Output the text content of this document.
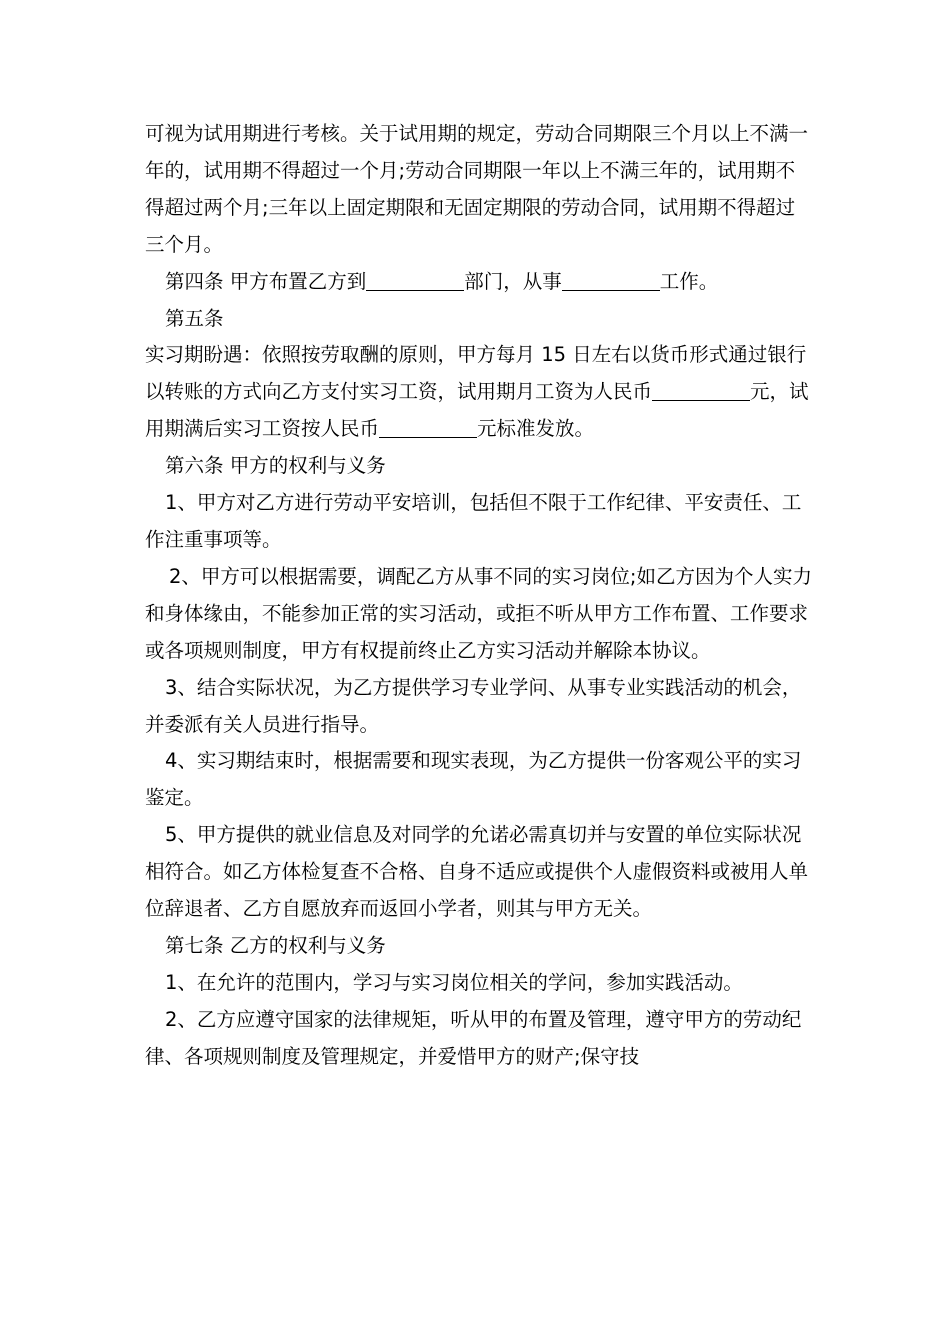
可视为试用期进行考核。关于试用期的规定，劳动合同期限三个月以上不满一年的，试用期不得超过一个月;劳动合同期限一年以上不满三年的，试用期不得超过两个月;三年以上固定期限和无固定期限的劳动合同，试用期不得超过三个月。

第四条 甲方布置乙方到	部门，从事	工作。

第五条

实习期盼遇：依照按劳取酬的原则，甲方每月 15 日左右以货币形式通过银行以转账的方式向乙方支付实习工资，试用期月工资为人民币	元，试用期满后实习工资按人民币	元标准发放。

第六条 甲方的权利与义务

1、甲方对乙方进行劳动平安培训，包括但不限于工作纪律、平安责任、工作注重事项等。

2、甲方可以根据需要，调配乙方从事不同的实习岗位;如乙方因为个人实力和身体缘由，不能参加正常的实习活动，或拒不听从甲方工作布置、工作要求或各项规则制度，甲方有权提前终止乙方实习活动并解除本协议。

3、结合实际状况，为乙方提供学习专业学问、从事专业实践活动的机会，并委派有关人员进行指导。

4、实习期结束时，根据需要和现实表现，为乙方提供一份客观公平的实习鉴定。

5、甲方提供的就业信息及对同学的允诺必需真切并与安置的单位实际状况相符合。如乙方体检复查不合格、自身不适应或提供个人虚假资料或被用人单位辞退者、乙方自愿放弃而返回小学者，则其与甲方无关。

第七条 乙方的权利与义务

1、在允许的范围内，学习与实习岗位相关的学问，参加实践活动。

2、乙方应遵守国家的法律规矩，听从甲的布置及管理，遵守甲方的劳动纪律、各项规则制度及管理规定，并爱惜甲方的财产;保守技
